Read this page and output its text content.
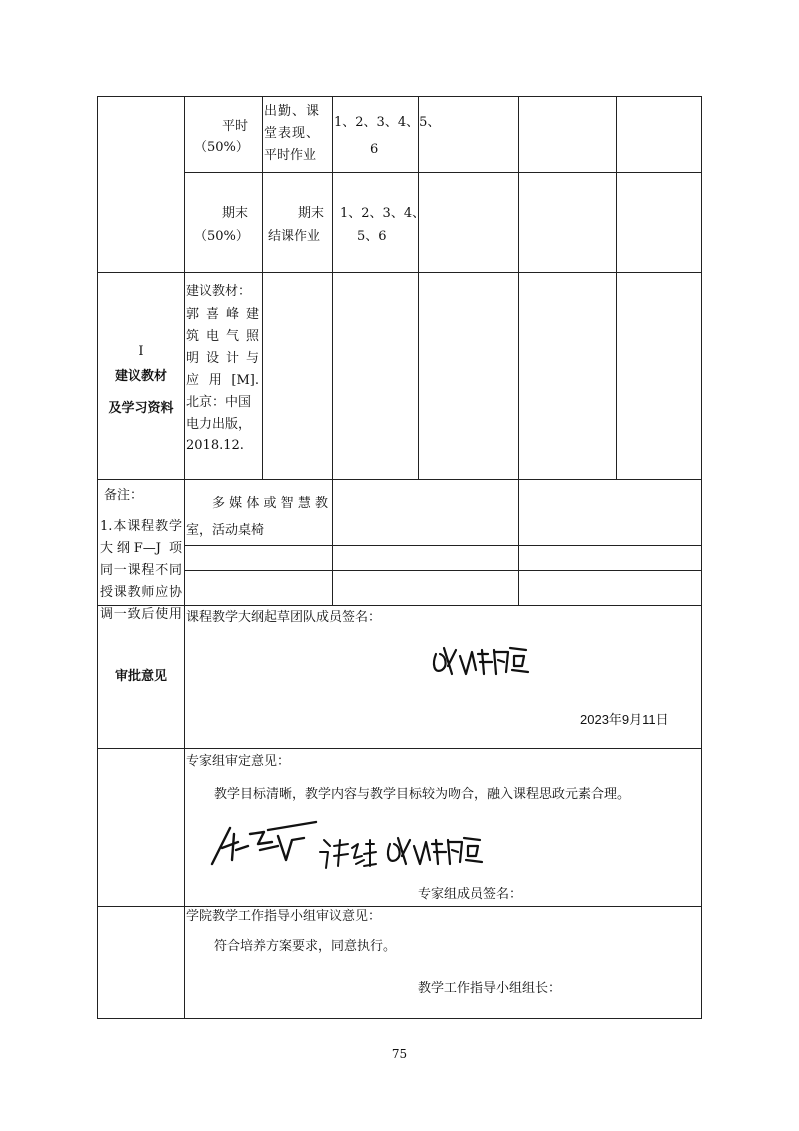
平时
（50%）
出勤、课
堂表现、
平时作业
1、2、3、4、5、
6
期末
（50%）
期末
结课作业
1、2、3、4、
5、6
I
建议教材
及学习资料
建议教材：
郭喜峰建
筑电气照
明设计与
应用[M].
北京：中国
电力出版，
2018.12.
备注：
1.本课程教学
大纲F—J 项
同一课程不同
授课教师应协
调一致后使用
多媒体或智慧教
室，活动桌椅
审批意见
课程教学大纲起草团队成员签名：
2023年9月11日
专家组审定意见：
教学目标清晰，教学内容与教学目标较为吻合，融入课程思政元素合理。
专家组成员签名：
学院教学工作指导小组审议意见：
符合培养方案要求，同意执行。
教学工作指导小组组长：
75
